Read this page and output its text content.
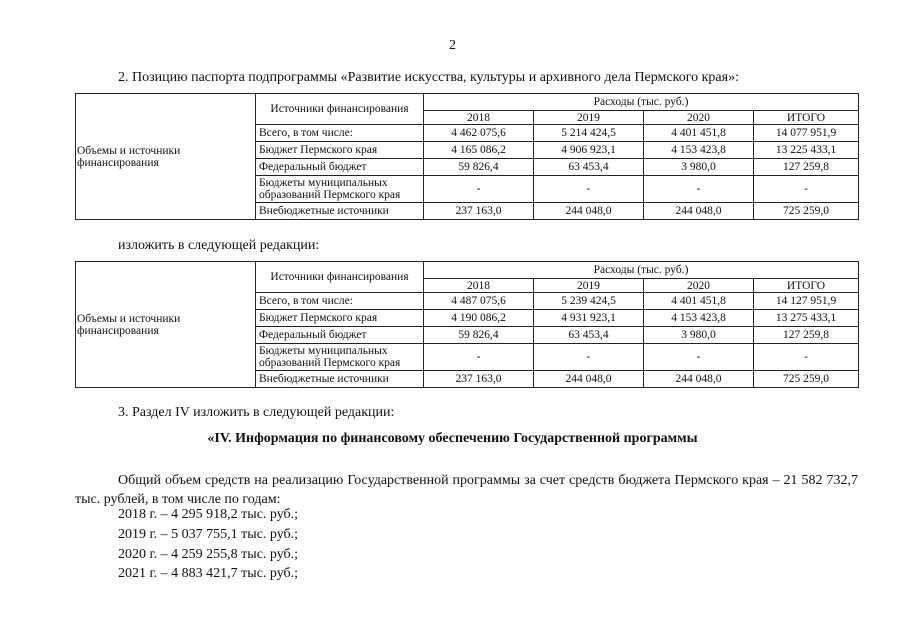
2
2. Позицию паспорта подпрограммы «Развитие искусства, культуры и архивного дела Пермского края»:
Объемы и источники финансирования	Источники финансирования	Расходы (тыс. руб.)			
		2018	2019	2020	ИТОГО
	Всего, в том числе:	4 462 075,6	5 214 424,5	4 401 451,8	14 077 951,9
	Бюджет Пермского края	4 165 086,2	4 906 923,1	4 153 423,8	13 225 433,1
	Федеральный бюджет	59 826,4	63 453,4	3 980,0	127 259,8
	Бюджеты муниципальных образований Пермского края	-	-	-	-
	Внебюджетные источники	237 163,0	244 048,0	244 048,0	725 259,0
изложить в следующей редакции:
Объемы и источники финансирования	Источники финансирования	Расходы (тыс. руб.)			
		2018	2019	2020	ИТОГО
	Всего, в том числе:	4 487 075,6	5 239 424,5	4 401 451,8	14 127 951,9
	Бюджет Пермского края	4 190 086,2	4 931 923,1	4 153 423,8	13 275 433,1
	Федеральный бюджет	59 826,4	63 453,4	3 980,0	127 259,8
	Бюджеты муниципальных образований Пермского края	-	-	-	-
	Внебюджетные источники	237 163,0	244 048,0	244 048,0	725 259,0
3. Раздел IV изложить в следующей редакции:
«IV. Информация по финансовому обеспечению Государственной программы
Общий объем средств на реализацию Государственной программы за счет средств бюджета Пермского края – 21 582 732,7 тыс. рублей, в том числе по годам:
2018 г. – 4 295 918,2 тыс. руб.;
2019 г. – 5 037 755,1 тыс. руб.;
2020 г. – 4 259 255,8 тыс. руб.;
2021 г. – 4 883 421,7 тыс. руб.;
